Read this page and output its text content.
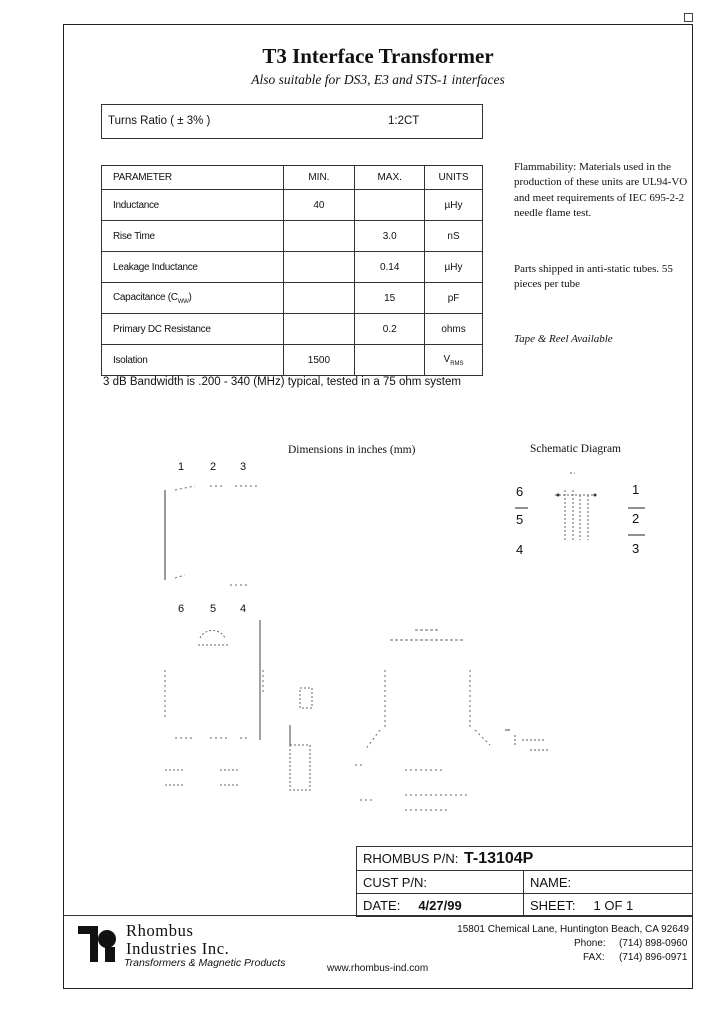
T3 Interface Transformer
Also suitable for DS3, E3 and STS-1 interfaces
Turns Ratio ( ± 3% )	1:2CT
PARAMETER	MIN.	MAX.	UNITS
Inductance	40		µHy
Rise Time		3.0	nS
Leakage Inductance		0.14	µHy
Capacitance $(C_{WW})$		15	pF
Primary DC Resistance		0.2	ohms
Isolation	1500		$V_{RMS}$
3 dB Bandwidth is .200 - 340 (MHz) typical, tested in a 75 ohm system
Flammability: Materials used in the production of these units are UL94-VO and meet requirements of IEC 695-2-2 needle flame test.
Parts shipped in anti-static tubes. 55 pieces per tube
Tape & Reel Available
Dimensions in inches (mm)
1 2 3
6 5 4
Schematic Diagram
6
5
4
1
2
3
RHOMBUS P/N: T-13104P	
CUST P/N:	NAME:
DATE: 4/27/99	SHEET: 1 OF 1
Rhombus
Industries Inc.
Transformers & Magnetic Products
15801 Chemical Lane, Huntington Beach, CA 92649
Phone: (714) 898-0960
FAX: (714) 896-0971
www.rhombus-ind.com
